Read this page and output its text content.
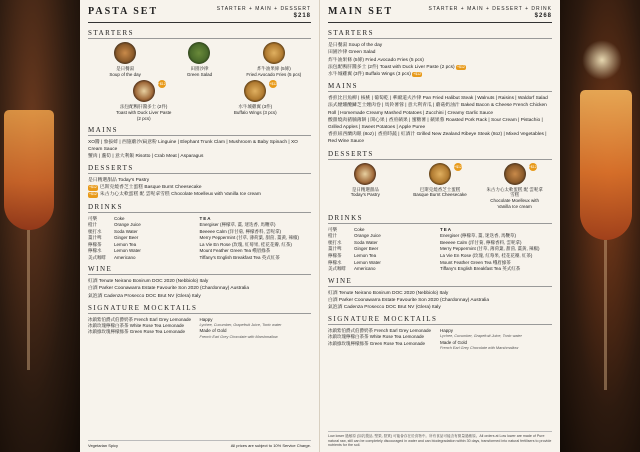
PASTA SET	STARTER + MAIN + DESSERT
$218
STARTERS
是日餐湯
Soup of the day
田園沙律
Green Salad
炸牛油果條 (5條)
Fried Avocado Fries (5 pcs)
+$12
法包配鴨肝醬多士 (2件)
Toast with Duck Liver Paste (2 pcs)
+$12
水牛城雞翼 (3件)
Buffalo Wings (3 pcs)
MAINS
XO醬 | 象拔蚌 | 西施蘑沙/扁意粉 Linguine | Elephant Trunk Clam | Mushroom & Baby Spinach | XO Cream Sauce
蟹肉 | 蘆筍 | 意大利飯 Risotto | Crab Meat | Asparagus
DESSERTS
是日精選甜品 Today's Pastry
+$12 巴斯克燒香芝士蛋糕 Basque Burnt Cheesecake
+$12 朱古力心太軟蛋糕 配 雲呢拿雪糕 Chocolate Moelleux with Vanilla Ice cream
DRINKS
可樂	Coke
橙汁	Orange Juice
梳打水	Soda Water
薑汁啤	Ginger Beer
檸檬茶	Lemon Tea
檸檬水	Lemon Water
美式咖啡	Americano
TEA
Energiser (檸檬草, 薑, 迷迭香, 馬鞭草)
Beeeee Calm (洋甘菊, 檸檬香料, 雲呢拿)
Merry Peppermint (甘草, 薄荷葉, 甜茴, 薑黃, 辣椒)
La Vie En Rose (玫瑰, 紅莓果, 桂花花瓣, 紅茶)
Mount Feather Green Tea 峨眉綠茶
Tiffany's English Breakfast Tea 英式紅茶
WINE
紅酒 Tenute Neirano Bonirum DOC 2020 (Nebbiolo) Italy
白酒 Parker Coonawarra Estate Favourite Son 2020 (Chardonnay) Australia
氣泡酒 Cadenza Prosecco DOC Brut NV (Glera) Italy
SIGNATURE MOCKTAILS
冰鎮紫伯爵式伯爵奶茶 French Earl Grey Lemonade
冰鎮玫瑰檸檬白茶茶 White Rose Tea Lemonade
冰鎮綠玫瑰檸檬綠茶 Green Rose Tea Lemonade
Happy
Lychee, Cucumber, Grapefruit Juice, Tonic water
Made of Gold
French Earl Grey Chocolate with Marshmallow
Vegetarian Spicy	All prices are subject to 10% Service Charge.
MAIN SET	STARTER + MAIN + DESSERT + DRINK
$268
STARTERS
是日餐湯 Soup of the day
田園沙律 Green Salad
炸牛油果條 (5條) Fried Avocado Fries (5 pcs)
法包配鴨肝醬多士 (2件) Toast with Duck Liver Paste (2 pcs) +$12
水牛城雞翼 (3件) Buffalo Wings (3 pcs) +$12
MAINS
香煎比目魚柳 | 核桃 | 葡萄乾 | 華爾道夫沙律 Pan Fried Halibut Steak | Walnuts | Raisins | Waldorf Salad
法式煙燻醃鱗芝士煙肉卷 | 馬鈴薯蓉 | 意大利青瓜 | 蘑菇奶油汁 Baked Bacon & Cheese French Chicken Roll | Homemade Creamy Mashed Potatoes | Zucchini | Creamy Garlic Sauce
酸甜燒肉豬腩薄餅 | 開心果 | 香煎蘋果 | 蜜糖薯 | 蘋果蓉 Roasted Pork Rack | Sour Cream | Pistachio | Grilled Apples | Sweet Potatoes | Apple Puree
香煎紐西蘭肉眼 (8oz) | 香煎時蔬 | 紅酒汁 Grilled New Zealand Ribeye Steak (8oz) | Mixed Vegetables | Red Wine Sauce
DESSERTS
是日精選甜品
Today's Pastry
+$12
巴斯克燒香芝士蛋糕
Basque Burnt Cheesecake
+$12
朱古力心太軟蛋糕 配 雲呢拿雪糕
Chocolate Moelleux with Vanilla Ice cream
DRINKS
可樂	Coke
橙汁	Orange Juice
梳打水	Soda Water
薑汁啤	Ginger Beer
檸檬茶	Lemon Tea
檸檬水	Lemon Water
美式咖啡	Americano
TEA
Energiser (檸檬草, 薑, 迷迭香, 馬鞭草)
Beeeee Calm (洋甘菊, 檸檬香料, 雲呢拿)
Merry Peppermint (甘草, 薄荷葉, 甜茴, 薑黃, 辣椒)
La Vie En Rose (玫瑰, 紅莓果, 桂花花瓣, 紅茶)
Mount Feather Green Tea 峨眉綠茶
Tiffany's English Breakfast Tea 英式紅茶
WINE
紅酒 Tenute Neirano Bonirum DOC 2020 (Nebbiolo) Italy
白酒 Parker Coonawarra Estate Favourite Son 2020 (Chardonnay) Australia
氣泡酒 Cadenza Prosecco DOC Brut NV (Glera) Italy
SIGNATURE MOCKTAILS
冰鎮紫伯爵式伯爵奶茶 French Earl Grey Lemonade
冰鎮玫瑰檸檬白茶茶 White Rose Tea Lemonade
冰鎮綠玫瑰檸檬綠茶 Green Rose Tea Lemonade
Happy
Lychee, Cucumber, Grapefruit Juice, Tonic water
Made of Gold
French Earl Grey Chocolate with Marshmallow
Low lower 過敏原 (如乳製品, 堅果, 麩質) 可能會存在於食物中。所有食品可能含有微量過敏原。All orders at Low lower are made of Pure natural raw, still can be completely discouraged in water and can biodegradation within 30 days, transformed into natural fertilisers to provide nutrients for the soil.
